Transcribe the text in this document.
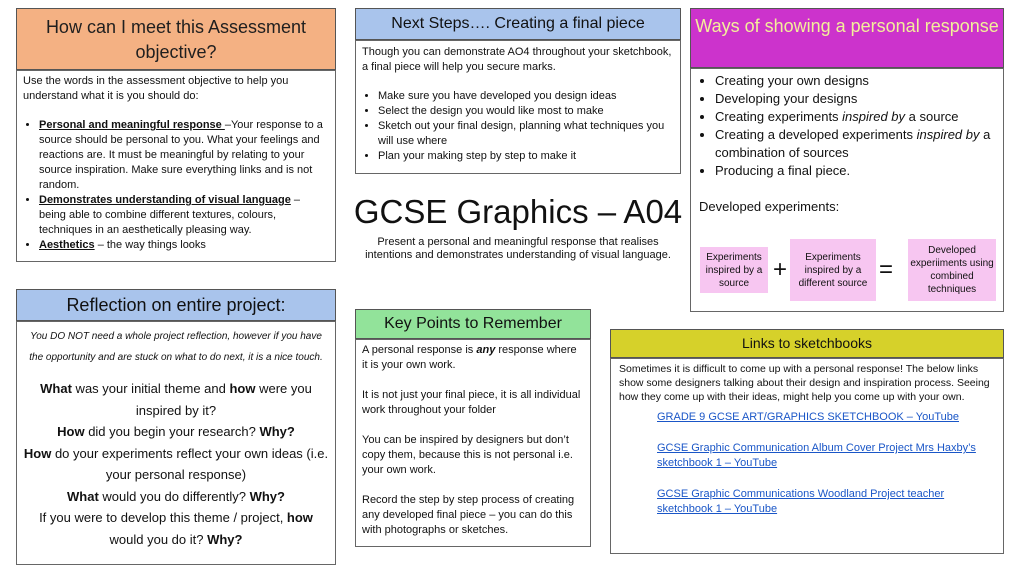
How can I meet this Assessment objective?
Use the words in the assessment objective to help you understand what it is you should do:
• Personal and meaningful response –Your response to a source should be personal to you. What your feelings and reactions are. It must be meaningful by relating to your source inspiration. Make sure everything links and is not random.
• Demonstrates understanding of visual language – being able to combine different textures, colours, techniques in an aesthetically pleasing way.
• Aesthetics – the way things looks
Next Steps…. Creating a final piece
Though you can demonstrate AO4 throughout your sketchbook, a final piece will help you secure marks.
• Make sure you have developed you design ideas
• Select the design you would like most to make
• Sketch out your final design, planning what techniques you will use where
• Plan your making step by step to make it
GCSE Graphics – A04
Present a personal and meaningful response that realises intentions and demonstrates understanding of visual language.
Ways of showing a personal response
• Creating your own designs
• Developing your designs
• Creating experiments inspired by a source
• Creating a developed experiments inspired by a combination of sources
• Producing a final piece.
Developed experiments:
Experiments inspired by a source	+	Experiments inspired by a different source =
Developed experiiments using combined techniques
Reflection on entire project:
You DO NOT need a whole project reflection, however if you have the opportunity and are stuck on what to do next, it is a nice touch.
What was your initial theme and how were you inspired by it?
How did you begin your research? Why?
How do your experiments reflect your own ideas (i.e. your personal response)
What would you do differently? Why?
If you were to develop this theme / project, how would you do it? Why?
Key Points to Remember
A personal response is any response where it is your own work.
It is not just your final piece, it is all individual work throughout your folder
You can be inspired by designers but don’t copy them, because this is not personal i.e. your own work.
Record the step by step process of creating any developed final piece – you can do this with photographs or sketches.
Links to sketchbooks
Sometimes it is difficult to come up with a personal response! The below links show some designers talking about their design and inspiration process. Seeing how they come up with their ideas, might help you come up with your own.
GRADE 9 GCSE ART/GRAPHICS SKETCHBOOK – YouTube
GCSE Graphic Communication Album Cover Project Mrs Haxby’s sketchbook 1 – YouTube
GCSE Graphic Communications Woodland Project teacher sketchbook 1 – YouTube
